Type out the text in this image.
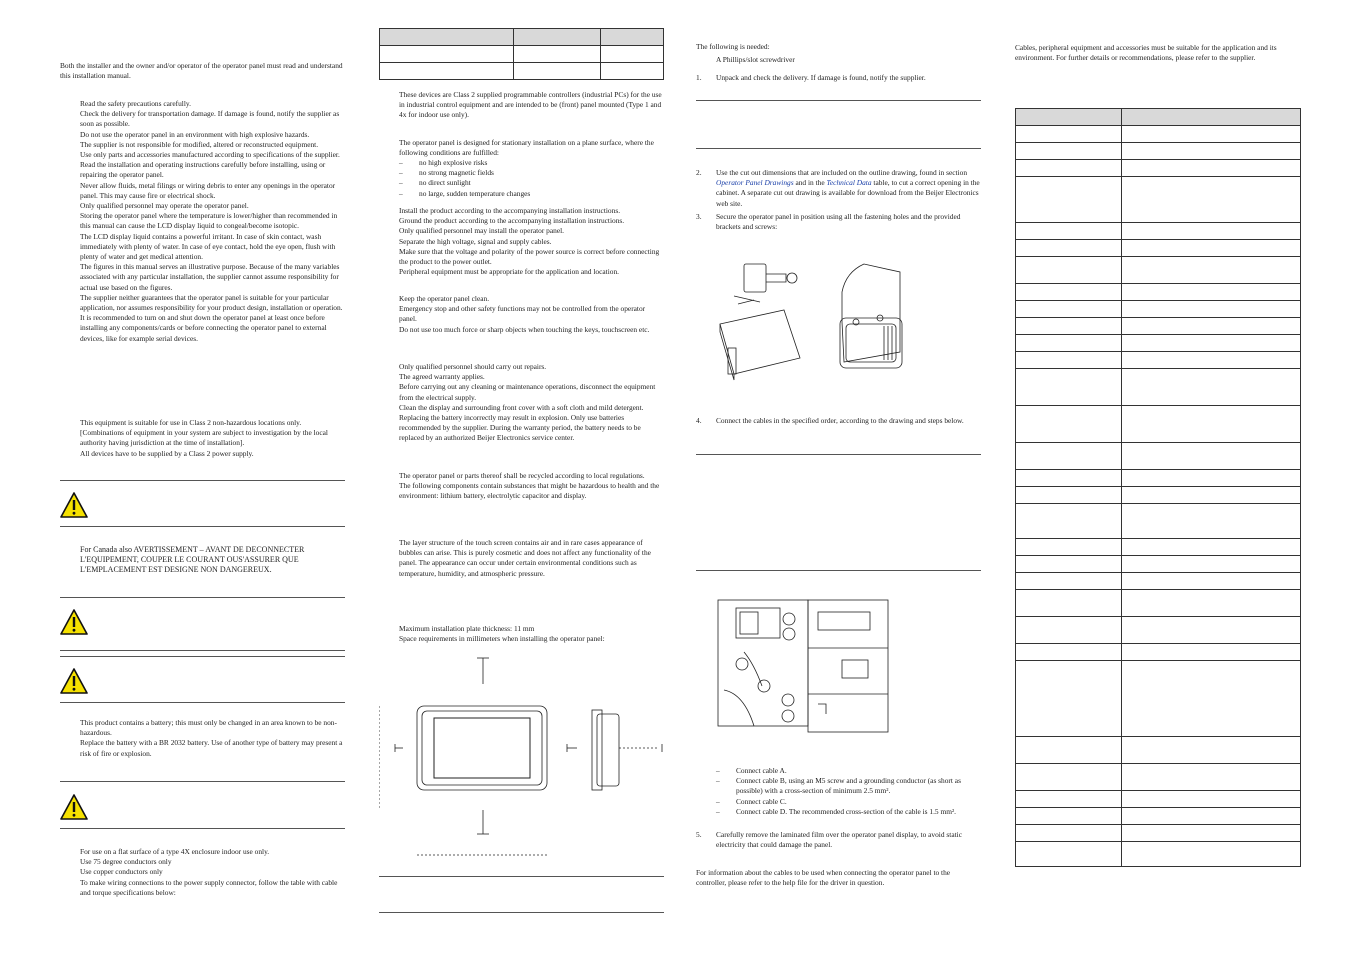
Both the installer and the owner and/or operator of the operator panel must read and understand this installation manual.

Read the safety precautions carefully.

Check the delivery for transportation damage. If damage is found, notify the supplier as soon as possible.

Do not use the operator panel in an environment with high explosive hazards.

The supplier is not responsible for modified, altered or reconstructed equipment.

Use only parts and accessories manufactured according to specifications of the supplier.

Read the installation and operating instructions carefully before installing, using or repairing the operator panel.

Never allow fluids, metal filings or wiring debris to enter any openings in the operator panel. This may cause fire or electrical shock.

Only qualified personnel may operate the operator panel.

Storing the operator panel where the temperature is lower/higher than recommended in this manual can cause the LCD display liquid to congeal/become isotopic.

The LCD display liquid contains a powerful irritant. In case of skin contact, wash immediately with plenty of water. In case of eye contact, hold the eye open, flush with plenty of water and get medical attention.

The figures in this manual serves an illustrative purpose. Because of the many variables associated with any particular installation, the supplier cannot assume responsibility for actual use based on the figures.

The supplier neither guarantees that the operator panel is suitable for your particular application, nor assumes responsibility for your product design, installation or operation.

It is recommended to turn on and shut down the operator panel at least once before installing any components/cards or before connecting the operator panel to external devices, like for example serial devices.

This equipment is suitable for use in Class 2 non-hazardous locations only.

[Combinations of equipment in your system are subject to investigation by the local authority having jurisdiction at the time of installation].

All devices have to be supplied by a Class 2 power supply.

For Canada also AVERTISSEMENT – AVANT DE DECONNECTER L'EQUIPEMENT, COUPER LE COURANT OUS'ASSURER QUE L'EMPLACEMENT EST DESIGNE NON DANGEREUX.

This product contains a battery; this must only be changed in an area known to be non-hazardous.

Replace the battery with a BR 2032 battery. Use of another type of battery may present a risk of fire or explosion.

For use on a flat surface of a type 4X enclosure indoor use only.

Use 75 degree conductors only

Use copper conductors only

To make wiring connections to the power supply connector, follow the table with cable and torque specifications below:

These devices are Class 2 supplied programmable controllers (industrial PCs) for the use in industrial control equipment and are intended to be (front) panel mounted (Type 1 and 4x for indoor use only).

The operator panel is designed for stationary installation on a plane surface, where the following conditions are fulfilled:

– no high explosive risks
– no strong magnetic fields
– no direct sunlight
– no large, sudden temperature changes

Install the product according to the accompanying installation instructions.

Ground the product according to the accompanying installation instructions.

Only qualified personnel may install the operator panel.

Separate the high voltage, signal and supply cables.

Make sure that the voltage and polarity of the power source is correct before connecting the product to the power outlet.

Peripheral equipment must be appropriate for the application and location.

Keep the operator panel clean.

Emergency stop and other safety functions may not be controlled from the operator panel.

Do not use too much force or sharp objects when touching the keys, touchscreen etc.

Only qualified personnel should carry out repairs.

The agreed warranty applies.

Before carrying out any cleaning or maintenance operations, disconnect the equipment from the electrical supply.

Clean the display and surrounding front cover with a soft cloth and mild detergent.

Replacing the battery incorrectly may result in explosion. Only use batteries recommended by the supplier. During the warranty period, the battery needs to be replaced by an authorized Beijer Electronics service center.

The operator panel or parts thereof shall be recycled according to local regulations.

The following components contain substances that might be hazardous to health and the environment: lithium battery, electrolytic capacitor and display.

The layer structure of the touch screen contains air and in rare cases appearance of bubbles can arise. This is purely cosmetic and does not affect any functionality of the panel. The appearance can occur under certain environmental conditions such as temperature, humidity, and atmospheric pressure.

Maximum installation plate thickness: 11 mm

Space requirements in millimeters when installing the operator panel:

The following is needed:

A Phillips/slot screwdriver

1. Unpack and check the delivery. If damage is found, notify the supplier.

2. Use the cut out dimensions that are included on the outline drawing, found in section Operator Panel Drawings and in the Technical Data table, to cut a correct opening in the cabinet. A separate cut out drawing is available for download from the Beijer Electronics web site.

3. Secure the operator panel in position using all the fastening holes and the provided brackets and screws:

4. Connect the cables in the specified order, according to the drawing and steps below.

– Connect cable A.
– Connect cable B, using an M5 screw and a grounding conductor (as short as possible) with a cross-section of minimum 2.5 mm².
– Connect cable C.
– Connect cable D. The recommended cross-section of the cable is 1.5 mm².
5. Carefully remove the laminated film over the operator panel display, to avoid static electricity that could damage the panel.

For information about the cables to be used when connecting the operator panel to the controller, please refer to the help file for the driver in question.

Cables, peripheral equipment and accessories must be suitable for the application and its environment. For further details or recommendations, please refer to the supplier.
